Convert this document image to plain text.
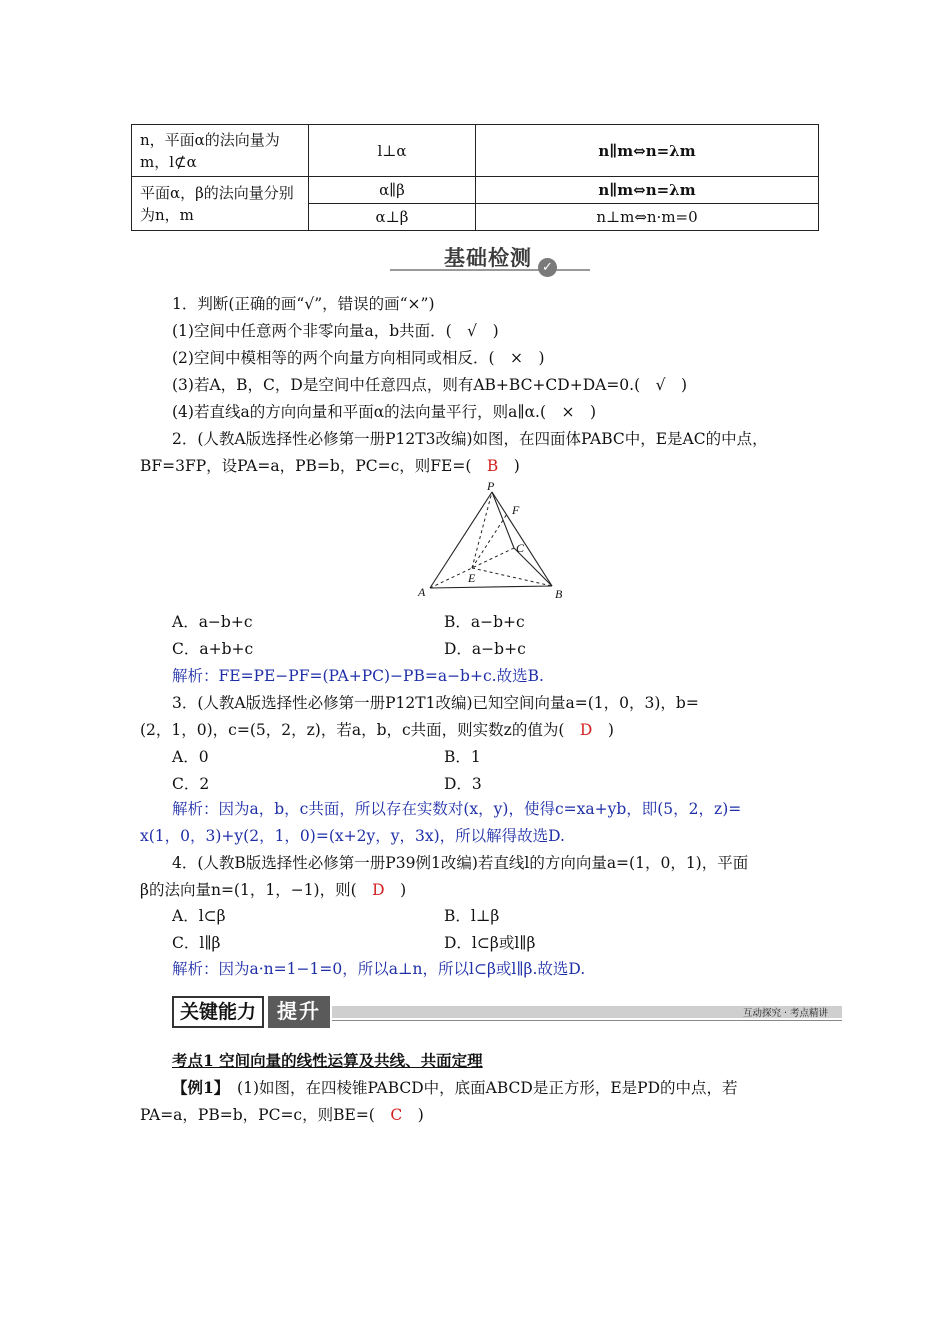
n，平面α的法向量为m，l⊄α	l⊥α	n∥m⇔n=λm
平面α，β的法向量分别为n，m	α∥β	n∥m⇔n=λm
	α⊥β	n⊥m⇔n·m=0
基础检测 ✓
1．判断(正确的画“√”，错误的画“×”)
(1)空间中任意两个非零向量a，b共面．(　√　)
(2)空间中模相等的两个向量方向相同或相反．(　×　)
(3)若A，B，C，D是空间中任意四点，则有AB+BC+CD+DA=0.(　√　)
(4)若直线a的方向向量和平面α的法向量平行，则a∥α.(　×　)
2．(人教A版选择性必修第一册P12T3改编)如图，在四面体PABC中，E是AC的中点，
BF=3FP，设PA=a，PB=b，PC=c，则FE=(　B　)
P
F
C
E
A	B
A．a−b+c	B．a−b+c
C．a+b+c	D．a−b+c
解析：FE=PE−PF=(PA+PC)−PB=a−b+c.故选B.
3．(人教A版选择性必修第一册P12T1改编)已知空间向量a=(1，0，3)，b=
(2，1，0)，c=(5，2，z)，若a，b，c共面，则实数z的值为(　D　)
A．0	B．1
C．2	D．3
解析：因为a，b，c共面，所以存在实数对(x，y)，使得c=xa+yb，即(5，2，z)=
x(1，0，3)+y(2，1，0)=(x+2y，y，3x)，所以解得故选D.
4．(人教B版选择性必修第一册P39例1改编)若直线l的方向向量a=(1，0，1)，平面
β的法向量n=(1，1，−1)，则(　D　)
A．l⊂β	B．l⊥β
C．l∥β	D．l⊂β或l∥β
解析：因为a·n=1−1=0，所以a⊥n，所以l⊂β或l∥β.故选D.
关键能力	提升	互动探究 · 考点精讲
考点1 空间向量的线性运算及共线、共面定理
【例1】　(1)如图，在四棱锥PABCD中，底面ABCD是正方形，E是PD的中点，若
PA=a，PB=b，PC=c，则BE=(　C　)
